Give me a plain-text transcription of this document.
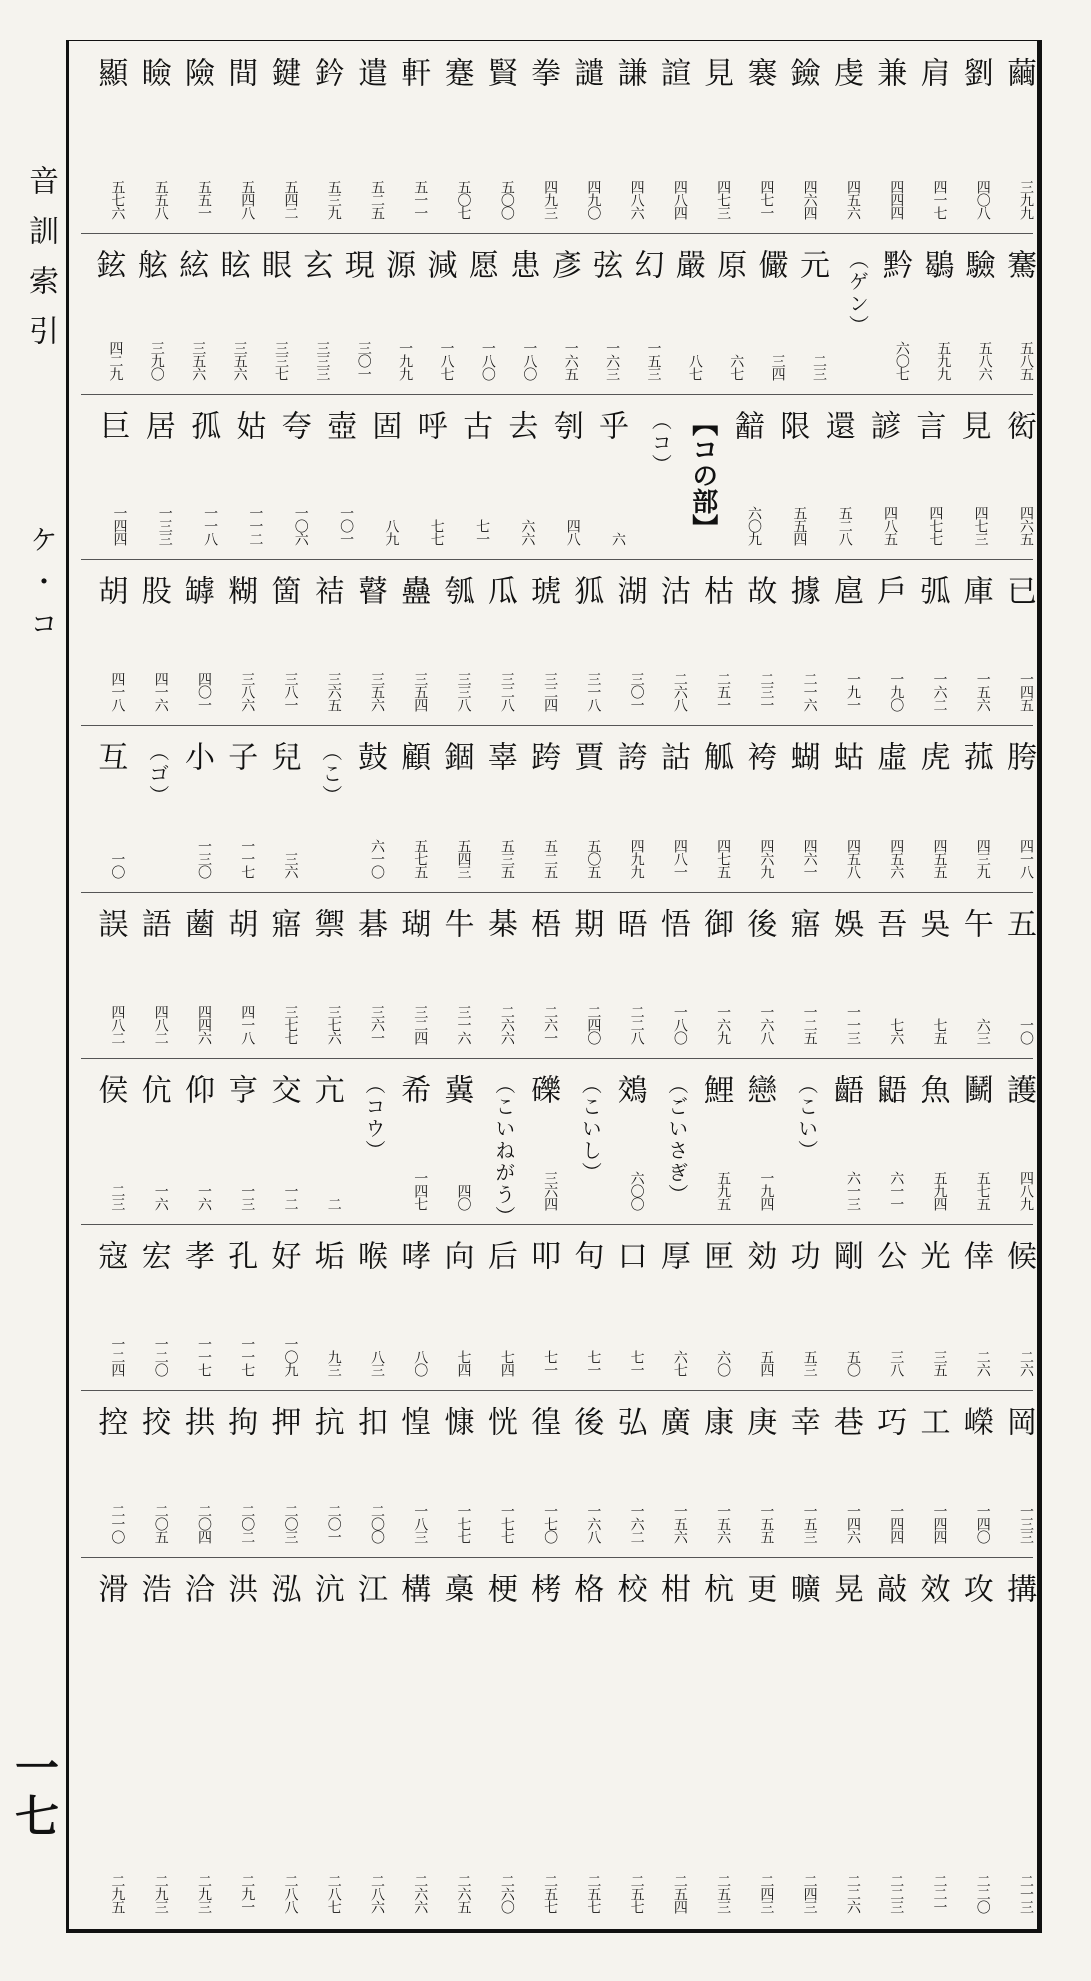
音訓索引
ケ・コ
一七
繭
三九九
劉
四〇八
肩
四一七
兼
四四四
虔
四五六
鐱
四六四
褰
四七一
見
四七三
諠
四八四
謙
四八六
譴
四九〇
拳
四九三
賢
五〇〇
蹇
五〇七
軒
五一一
遣
五二五
鈐
五三九
鍵
五四二
間
五四八
險
五五一
瞼
五五八
顯
五七六
騫
五八五
驗
五八六
鶡
五九九
黔
六〇七
（ゲン）
元
二三
儼
三四
原
六七
嚴
八七
幻
一五三
弦
一六三
彥
一六五
患
一八〇
愿
一八〇
減
一八七
源
一九九
現
三〇一
玄
三三三
眼
三三七
眩
三五六
絃
三五六
舷
三九〇
鉉
四二九
衒
四六五
見
四七三
言
四七七
諺
四八五
還
五二八
限
五五四
韽
六〇九
【コの部】
（コ）
乎
六
刳
四八
去
六六
古
七一
呼
七七
固
八九
壺
一〇一
夸
一〇六
姑
一一二
孤
一一八
居
一三三
巨
一四四
已
一四五
庫
一五六
弧
一六二
戶
一九〇
扈
一九一
據
二一六
故
二三一
枯
二五一
沽
二六八
湖
三〇一
狐
三一八
琥
三二四
瓜
三二八
瓠
三三八
蠱
三五四
瞽
三五六
袺
三六五
箇
三八一
糊
三八六
罅
四〇一
股
四一六
胡
四一八
胯
四一八
菰
四三九
虎
四五五
虛
四五六
蛄
四五八
蝴
四六一
袴
四六九
觚
四七五
詁
四八一
誇
四九九
賈
五〇五
跨
五二五
辜
五三五
錮
五四三
顧
五七五
鼓
六一〇
（こ）
兒
三六
子
一一七
小
一三〇
（ゴ）
互
一〇
五
一〇
午
六三
吳
七五
吾
七六
娛
一一三
寤
一二五
後
一六八
御
一六九
悟
一八〇
晤
二二八
期
二四〇
梧
二六一
棊
二六六
牛
三一六
瑚
三二四
碁
三六一
禦
三七六
寤
三七七
胡
四一八
蔨
四四六
語
四八二
誤
四八二
護
四八九
鬭
五七五
魚
五九四
鼯
六一一
齬
六一三
（こい）
戀
一九四
鯉
五九五
（ごいさぎ）
鵁
六〇〇
（こいし）
礫
三六四
（こいねがう）
冀
四〇
希
一四七
（コウ）
亢
二
交
一二
亨
一三
仰
一六
伉
一六
侯
二三
候
二六
倖
二六
光
三五
公
三八
剛
五〇
功
五三
効
五四
匣
六〇
厚
六七
口
七一
句
七一
叩
七一
后
七四
向
七四
哮
八〇
喉
八三
垢
九三
好
一〇九
孔
一一七
孝
一一七
宏
一二〇
寇
一二四
岡
一三三
嶸
一四〇
工
一四四
巧
一四四
巷
一四六
幸
一五三
庚
一五五
康
一五六
廣
一五六
弘
一六二
後
一六八
徨
一七〇
恍
一七七
慷
一七七
惶
一八三
扣
二〇〇
抗
二〇一
押
二〇三
拘
二〇二
拱
二〇四
挍
二〇五
控
二一〇
搆
二一三
攻
二二〇
效
二二一
敲
二二三
晃
二二六
曠
二四三
更
二四三
杭
二五三
柑
二五四
校
二五七
格
二五七
栲
二五七
梗
二六〇
槀
二六五
構
二六六
江
二八六
沆
二八七
泓
二八八
洪
二九一
洽
二九三
浩
二九三
滑
二九五
